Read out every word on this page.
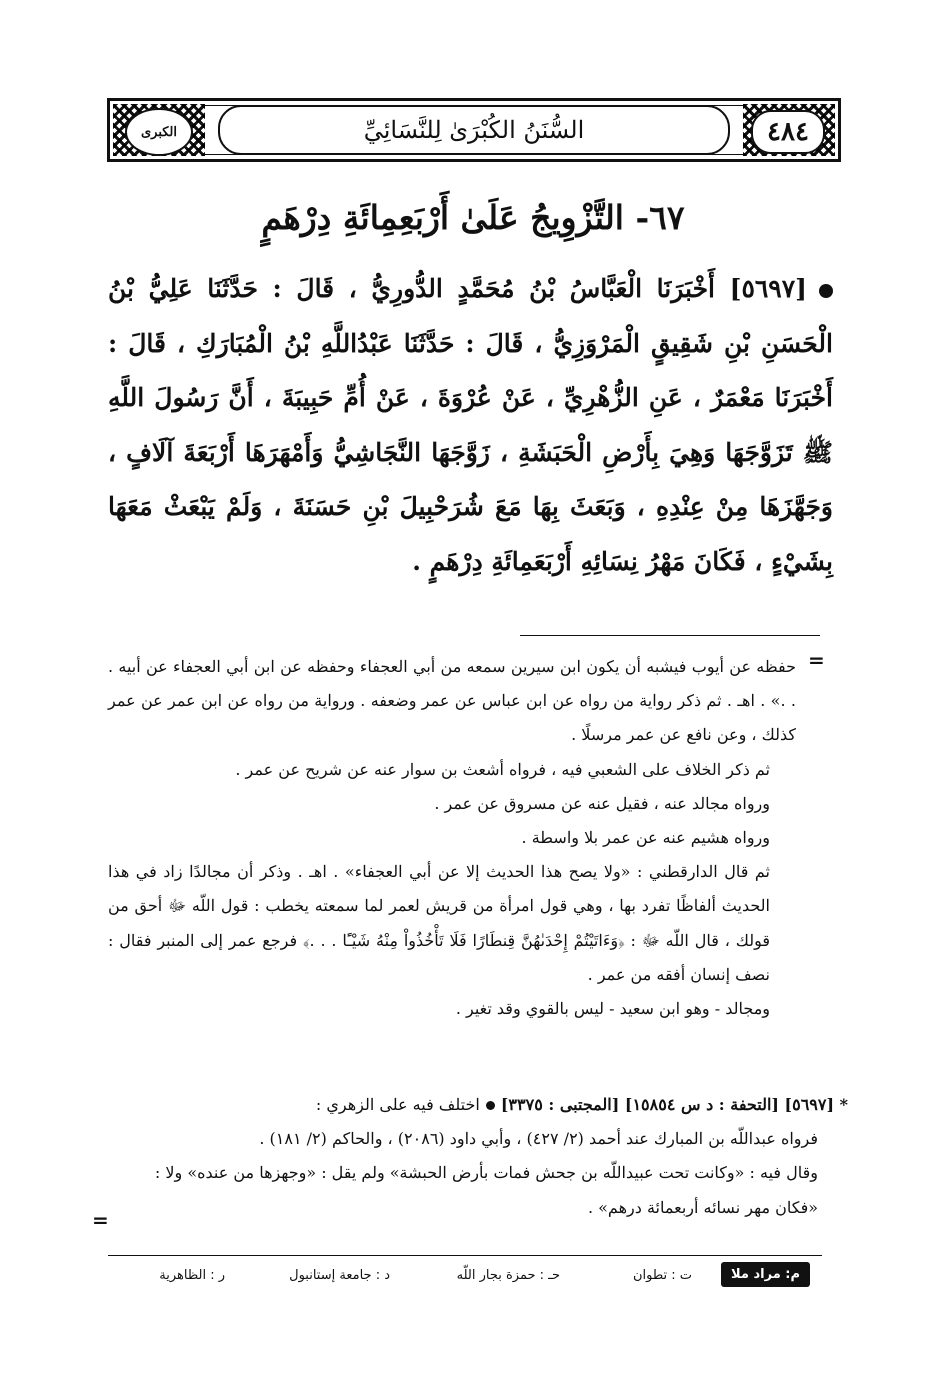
الكبرى	٤٨٤
السُّنَنُ الكُبْرَىٰ لِلنَّسَائِيِّ
٦٧- التَّزْوِيجُ عَلَىٰ أَرْبَعِمِائَةِ دِرْهَمٍ
[٥٦٩٧] أَخْبَرَنَا الْعَبَّاسُ بْنُ مُحَمَّدٍ الدُّورِيُّ ، قَالَ : حَدَّثَنَا عَلِيُّ بْنُ الْحَسَنِ بْنِ شَقِيقٍ الْمَرْوَزِيُّ ، قَالَ : حَدَّثَنَا عَبْدُاللَّهِ بْنُ الْمُبَارَكِ ، قَالَ : أَخْبَرَنَا مَعْمَرٌ ، عَنِ الزُّهْرِيِّ ، عَنْ عُرْوَةَ ، عَنْ أُمِّ حَبِيبَةَ ، أَنَّ رَسُولَ اللَّهِ ﷺ تَزَوَّجَهَا وَهِيَ بِأَرْضِ الْحَبَشَةِ ، زَوَّجَهَا النَّجَاشِيُّ وَأَمْهَرَهَا أَرْبَعَةَ آلَافٍ ، وَجَهَّزَهَا مِنْ عِنْدِهِ ، وَبَعَثَ بِهَا مَعَ شُرَحْبِيلَ بْنِ حَسَنَةَ ، وَلَمْ يَبْعَثْ مَعَهَا بِشَيْءٍ ، فَكَانَ مَهْرُ نِسَائِهِ أَرْبَعَمِائَةِ دِرْهَمٍ .
=

حفظه عن أيوب فيشبه أن يكون ابن سيرين سمعه من أبي العجفاء وحفظه عن ابن أبي العجفاء عن أبيه . . .» . اهـ . ثم ذكر رواية من رواه عن ابن عباس عن عمر وضعفه . ورواية من رواه عن ابن عمر عن عمر كذلك ، وعن نافع عن عمر مرسلًا .

ثم ذكر الخلاف على الشعبي فيه ، فرواه أشعث بن سوار عنه عن شريح عن عمر .

ورواه مجالد عنه ، فقيل عنه عن مسروق عن عمر .

ورواه هشيم عنه عن عمر بلا واسطة .

ثم قال الدارقطني : «ولا يصح هذا الحديث إلا عن أبي العجفاء» . اهـ . وذكر أن مجالدًا زاد في هذا الحديث ألفاظًا تفرد بها ، وهي قول امرأة من قريش لعمر لما سمعته يخطب : قول اللّه ﷻ أحق من قولك ، قال اللّه ﷻ : ﴿وَءَاتَيْتُمْ إِحْدَىٰهُنَّ قِنطَارًا فَلَا تَأْخُذُواْ مِنْهُ شَيْـًٔا . . .﴾ فرجع عمر إلى المنبر فقال : نصف إنسان أفقه من عمر .

ومجالد - وهو ابن سعيد - ليس بالقوي وقد تغير .

* [٥٦٩٧] [التحفة : د س ١٥٨٥٤] [المجتبى : ٣٣٧٥]اختلف فيه على الزهري :

فرواه عبداللّه بن المبارك عند أحمد (٢/ ٤٢٧) ، وأبي داود (٢٠٨٦) ، والحاكم (٢/ ١٨١) .

وقال فيه : «وكانت تحت عبيداللّه بن جحش فمات بأرض الحبشة» ولم يقل : «وجهزها من عنده» ولا : «فكان مهر نسائه أربعمائة درهم» .

=
م: مراد ملا
ت : تطوان
حـ : حمزة بجار اللّه
د : جامعة إستانبول
ر : الظاهرية
